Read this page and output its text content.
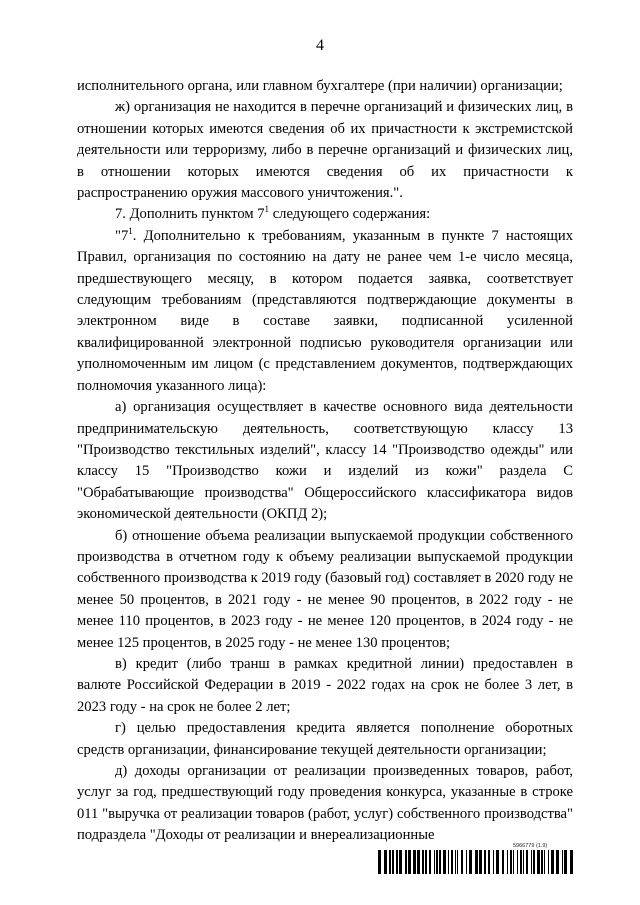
4

исполнительного органа, или главном бухгалтере (при наличии) организации;

ж) организация не находится в перечне организаций и физических лиц, в отношении которых имеются сведения об их причастности к экстремистской деятельности или терроризму, либо в перечне организаций и физических лиц, в отношении которых имеются сведения об их причастности к распространению оружия массового уничтожения.".

7. Дополнить пунктом $7^1$ следующего содержания:

"$7^1$. Дополнительно к требованиям, указанным в пункте 7 настоящих Правил, организация по состоянию на дату не ранее чем 1-е число месяца, предшествующего месяцу, в котором подается заявка, соответствует следующим требованиям (представляются подтверждающие документы в электронном виде в составе заявки, подписанной усиленной квалифицированной электронной подписью руководителя организации или уполномоченным им лицом (с представлением документов, подтверждающих полномочия указанного лица):

а) организация осуществляет в качестве основного вида деятельности предпринимательскую деятельность, соответствующую классу 13 "Производство текстильных изделий", классу 14 "Производство одежды" или классу 15 "Производство кожи и изделий из кожи" раздела C "Обрабатывающие производства" Общероссийского классификатора видов экономической деятельности (ОКПД 2);

б) отношение объема реализации выпускаемой продукции собственного производства в отчетном году к объему реализации выпускаемой продукции собственного производства к 2019 году (базовый год) составляет в 2020 году не менее 50 процентов, в 2021 году - не менее 90 процентов, в 2022 году - не менее 110 процентов, в 2023 году - не менее 120 процентов, в 2024 году - не менее 125 процентов, в 2025 году - не менее 130 процентов;

в) кредит (либо транш в рамках кредитной линии) предоставлен в валюте Российской Федерации в 2019 - 2022 годах на срок не более 3 лет, в 2023 году - на срок не более 2 лет;

г) целью предоставления кредита является пополнение оборотных средств организации, финансирование текущей деятельности организации;

д) доходы организации от реализации произведенных товаров, работ, услуг за год, предшествующий году проведения конкурса, указанные в строке 011 "выручка от реализации товаров (работ, услуг) собственного производства" подраздела "Доходы от реализации и внереализационные

5966779 (1.9)
